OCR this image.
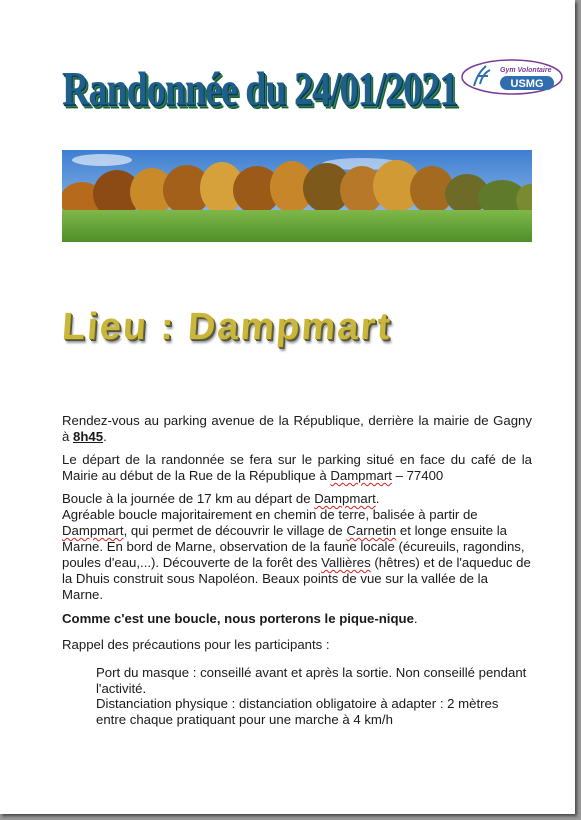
Randonnée du 24/01/2021	Gym Volontaire
USMG
Lieu : Dampmart
Rendez-vous au parking avenue de la République, derrière la mairie de Gagny à 8h45.
Le départ de la randonnée se fera sur le parking situé en face du café de la Mairie au début de la Rue de la République à Dampmart – 77400
Boucle à la journée de 17 km au départ de Dampmart.
Agréable boucle majoritairement en chemin de terre, balisée à partir de Dampmart, qui permet de découvrir le village de Carnetin et longe ensuite la Marne. En bord de Marne, observation de la faune locale (écureuils, ragondins, poules d'eau,...). Découverte de la forêt des Vallières (hêtres) et de l'aqueduc de la Dhuis construit sous Napoléon. Beaux points de vue sur la vallée de la Marne.
Comme c'est une boucle, nous porterons le pique-nique.
Rappel des précautions pour les participants :
Port du masque : conseillé avant et après la sortie. Non conseillé pendant l'activité.
Distanciation physique : distanciation obligatoire à adapter : 2 mètres entre chaque pratiquant pour une marche à 4 km/h
